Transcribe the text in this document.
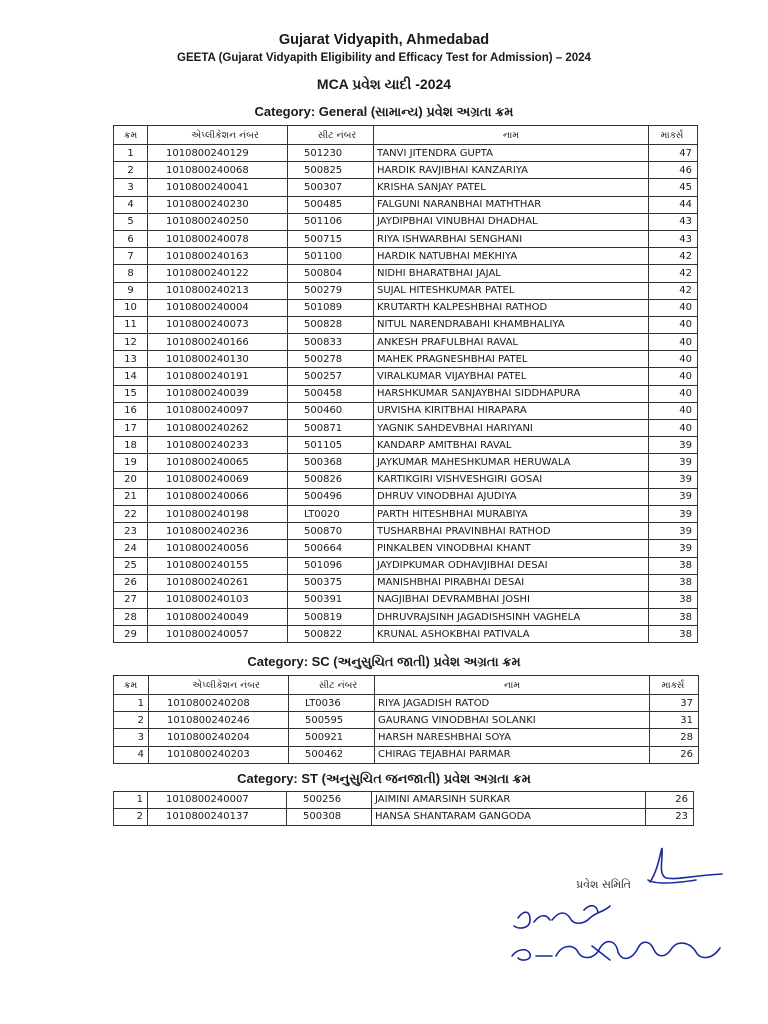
Gujarat Vidyapith, Ahmedabad
GEETA (Gujarat Vidyapith Eligibility and Efficacy Test for Admission) – 2024
MCA પ્રવેશ યાદી -2024
Category: General (સામાન્ય) પ્રવેશ અગ્રતા ક્રમ
ક્રમ	એપ્લીકેશન નંબર	સીટ નંબર	નામ	માર્ક્સ
1	1010800240129	501230	TANVI JITENDRA GUPTA	47
2	1010800240068	500825	HARDIK RAVJIBHAI KANZARIYA	46
3	1010800240041	500307	KRISHA SANJAY PATEL	45
4	1010800240230	500485	FALGUNI NARANBHAI MATHTHAR	44
5	1010800240250	501106	JAYDIPBHAI VINUBHAI DHADHAL	43
6	1010800240078	500715	RIYA ISHWARBHAI SENGHANI	43
7	1010800240163	501100	HARDIK NATUBHAI MEKHIYA	42
8	1010800240122	500804	NIDHI BHARATBHAI JAJAL	42
9	1010800240213	500279	SUJAL HITESHKUMAR PATEL	42
10	1010800240004	501089	KRUTARTH KALPESHBHAI RATHOD	40
11	1010800240073	500828	NITUL NARENDRABAHI KHAMBHALIYA	40
12	1010800240166	500833	ANKESH PRAFULBHAI RAVAL	40
13	1010800240130	500278	MAHEK PRAGNESHBHAI PATEL	40
14	1010800240191	500257	VIRALKUMAR VIJAYBHAI PATEL	40
15	1010800240039	500458	HARSHKUMAR SANJAYBHAI SIDDHAPURA	40
16	1010800240097	500460	URVISHA KIRITBHAI HIRAPARA	40
17	1010800240262	500871	YAGNIK SAHDEVBHAI HARIYANI	40
18	1010800240233	501105	KANDARP AMITBHAI RAVAL	39
19	1010800240065	500368	JAYKUMAR MAHESHKUMAR HERUWALA	39
20	1010800240069	500826	KARTIKGIRI VISHVESHGIRI GOSAI	39
21	1010800240066	500496	DHRUV VINODBHAI AJUDIYA	39
22	1010800240198	LT0020	PARTH HITESHBHAI MURABIYA	39
23	1010800240236	500870	TUSHARBHAI PRAVINBHAI RATHOD	39
24	1010800240056	500664	PINKALBEN VINODBHAI KHANT	39
25	1010800240155	501096	JAYDIPKUMAR ODHAVJIBHAI DESAI	38
26	1010800240261	500375	MANISHBHAI PIRABHAI DESAI	38
27	1010800240103	500391	NAGJIBHAI DEVRAMBHAI JOSHI	38
28	1010800240049	500819	DHRUVRAJSINH JAGADISHSINH VAGHELA	38
29	1010800240057	500822	KRUNAL ASHOKBHAI PATIVALA	38
Category: SC (અનુસુચિત જાતી) પ્રવેશ અગ્રતા ક્રમ
ક્રમ	એપ્લીકેશન નંબર	સીટ નંબર	નામ	માર્ક્સ
1	1010800240208	LT0036	RIYA JAGADISH RATOD	37
2	1010800240246	500595	GAURANG VINODBHAI SOLANKI	31
3	1010800240204	500921	HARSH NARESHBHAI SOYA	28
4	1010800240203	500462	CHIRAG TEJABHAI PARMAR	26
Category: ST (અનુસુચિત જનજાતી) પ્રવેશ અગ્રતા ક્રમ
1	1010800240007	500256	JAIMINI AMARSINH SURKAR	26
2	1010800240137	500308	HANSA SHANTARAM GANGODA	23
પ્રવેશ સમિતિ
